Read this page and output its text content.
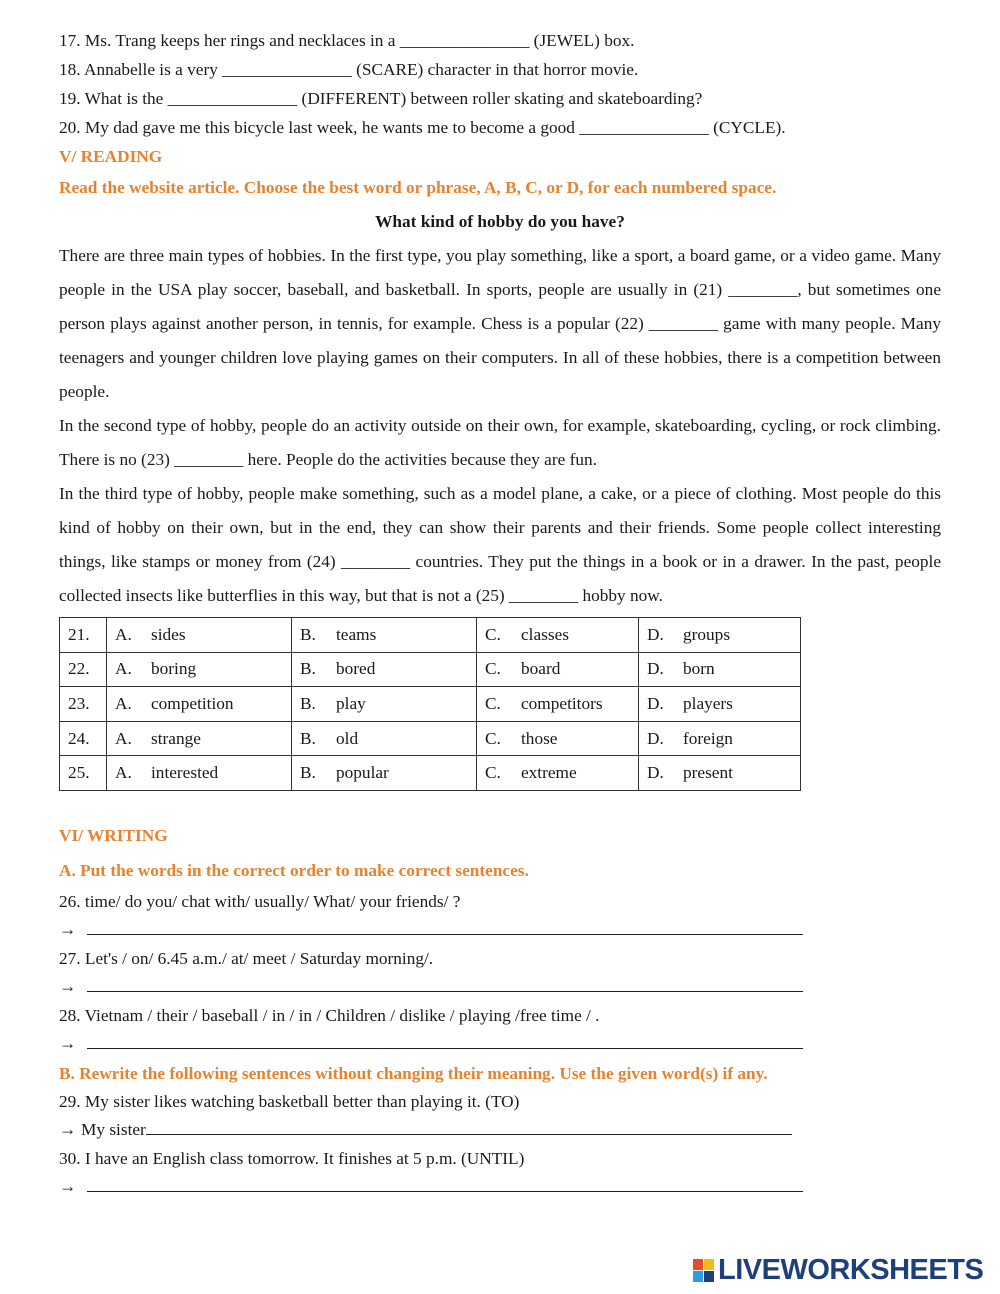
17. Ms. Trang keeps her rings and necklaces in a _______________ (JEWEL) box.
18. Annabelle is a very _______________ (SCARE) character in that horror movie.
19. What is the _______________ (DIFFERENT) between roller skating and skateboarding?
20. My dad gave me this bicycle last week, he wants me to become a good _______________ (CYCLE).
V/ READING
Read the website article. Choose the best word or phrase, A, B, C, or D, for each numbered space.
What kind of hobby do you have?
There are three main types of hobbies. In the first type, you play something, like a sport, a board game, or a video game. Many people in the USA play soccer, baseball, and basketball. In sports, people are usually in (21) ________, but sometimes one person plays against another person, in tennis, for example. Chess is a popular (22) ________ game with many people. Many teenagers and younger children love playing games on their computers. In all of these hobbies, there is a competition between people.
In the second type of hobby, people do an activity outside on their own, for example, skateboarding, cycling, or rock climbing. There is no (23) ________ here. People do the activities because they are fun.
In the third type of hobby, people make something, such as a model plane, a cake, or a piece of clothing. Most people do this kind of hobby on their own, but in the end, they can show their parents and their friends. Some people collect interesting things, like stamps or money from (24) ________ countries. They put the things in a book or in a drawer. In the past, people collected insects like butterflies in this way, but that is not a (25) ________ hobby now.
21.	A. sides	B. teams	C. classes	D. groups
22.	A. boring	B. bored	C. board	D. born
23.	A. competition	B. play	C. competitors	D. players
24.	A. strange	B. old	C. those	D. foreign
25.	A. interested	B. popular	C. extreme	D. present
VI/ WRITING
A. Put the words in the correct order to make correct sentences.
26. time/ do you/ chat with/ usually/ What/ your friends/ ?
→
27. Let's / on/ 6.45 a.m./ at/ meet / Saturday morning/.
→
28. Vietnam / their / baseball / in / in / Children / dislike / playing /free time / .
→
B. Rewrite the following sentences without changing their meaning. Use the given word(s) if any.
29. My sister likes watching basketball better than playing it. (TO)
→ My sister
30. I have an English class tomorrow. It finishes at 5 p.m. (UNTIL)
→
LIVEWORKSHEETS
